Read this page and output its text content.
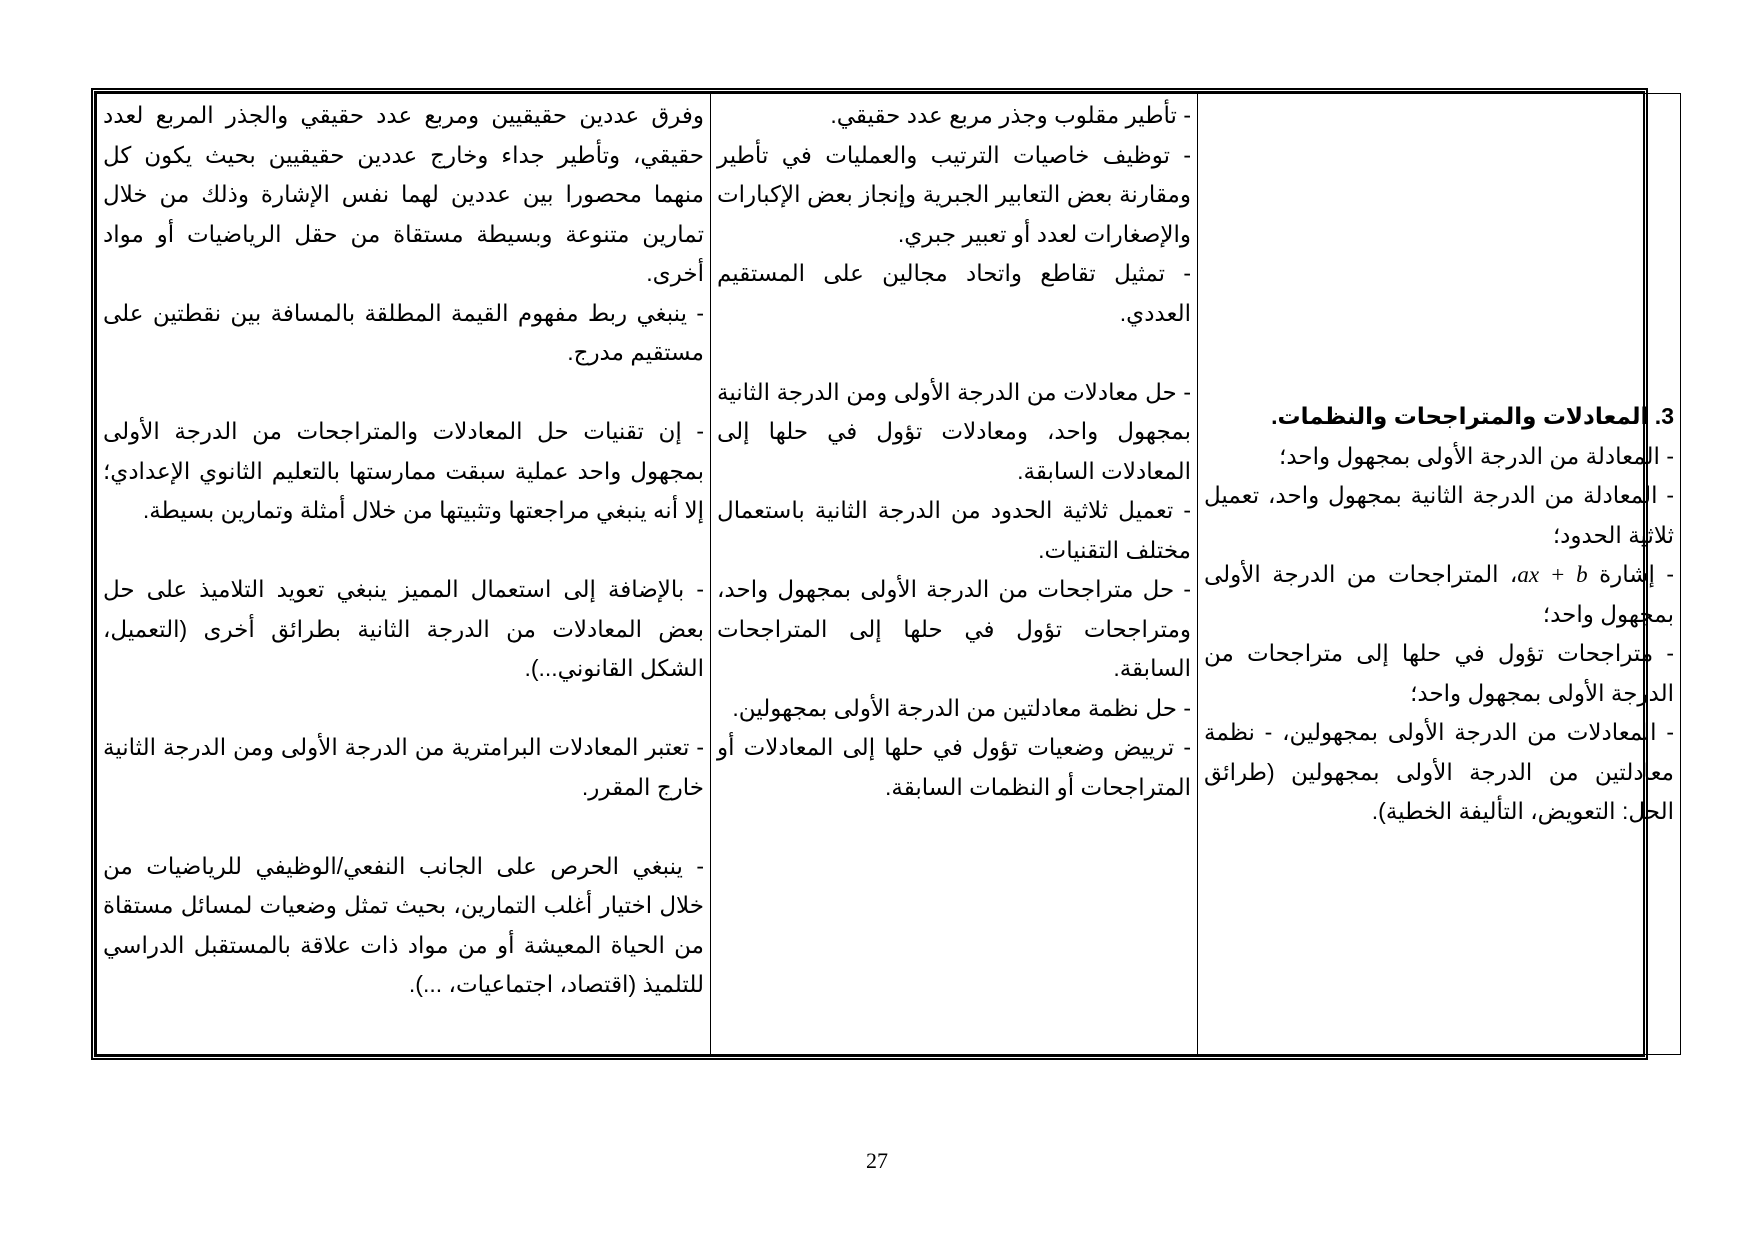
وفرق عددين حقيقيين ومربع عدد حقيقي والجذر المربع لعدد حقيقي، وتأطير جداء وخارج عددين حقيقيين بحيث يكون كل منهما محصورا بين عددين لهما نفس الإشارة وذلك من خلال تمارين متنوعة وبسيطة مستقاة من حقل الرياضيات أو مواد أخرى.
- ينبغي ربط مفهوم القيمة المطلقة بالمسافة بين نقطتين على مستقيم مدرج.
- إن تقنيات حل المعادلات والمتراجحات من الدرجة الأولى بمجهول واحد عملية سبقت ممارستها بالتعليم الثانوي الإعدادي؛ إلا أنه ينبغي مراجعتها وتثبيتها من خلال أمثلة وتمارين بسيطة.
- بالإضافة إلى استعمال المميز ينبغي تعويد التلاميذ على حل بعض المعادلات من الدرجة الثانية بطرائق أخرى (التعميل، الشكل القانوني...).
- تعتبر المعادلات البرامترية من الدرجة الأولى ومن الدرجة الثانية خارج المقرر.
- ينبغي الحرص على الجانب النفعي/الوظيفي للرياضيات من خلال اختيار أغلب التمارين، بحيث تمثل وضعيات لمسائل مستقاة من الحياة المعيشة أو من مواد ذات علاقة بالمستقبل الدراسي للتلميذ (اقتصاد، اجتماعيات، ...).

- تأطير مقلوب وجذر مربع عدد حقيقي.
- توظيف خاصيات الترتيب والعمليات في تأطير ومقارنة بعض التعابير الجبرية وإنجاز بعض الإكبارات والإصغارات لعدد أو تعبير جبري.
- تمثيل تقاطع واتحاد مجالين على المستقيم العددي.
- حل معادلات من الدرجة الأولى ومن الدرجة الثانية بمجهول واحد، ومعادلات تؤول في حلها إلى المعادلات السابقة.
- تعميل ثلاثية الحدود من الدرجة الثانية باستعمال مختلف التقنيات.
- حل متراجحات من الدرجة الأولى بمجهول واحد، ومتراجحات تؤول في حلها إلى المتراجحات السابقة.
- حل نظمة معادلتين من الدرجة الأولى بمجهولين.
- ترييض وضعيات تؤول في حلها إلى المعادلات أو المتراجحات أو النظمات السابقة.

3. المعادلات والمتراجحات والنظمات.
- المعادلة من الدرجة الأولى بمجهول واحد؛
- المعادلة من الدرجة الثانية بمجهول واحد، تعميل ثلاثية الحدود؛
- إشارة ax + b، المتراجحات من الدرجة الأولى بمجهول واحد؛
- متراجحات تؤول في حلها إلى متراجحات من الدرجة الأولى بمجهول واحد؛
- المعادلات من الدرجة الأولى بمجهولين، - نظمة معادلتين من الدرجة الأولى بمجهولين (طرائق الحل: التعويض، التأليفة الخطية).
27
